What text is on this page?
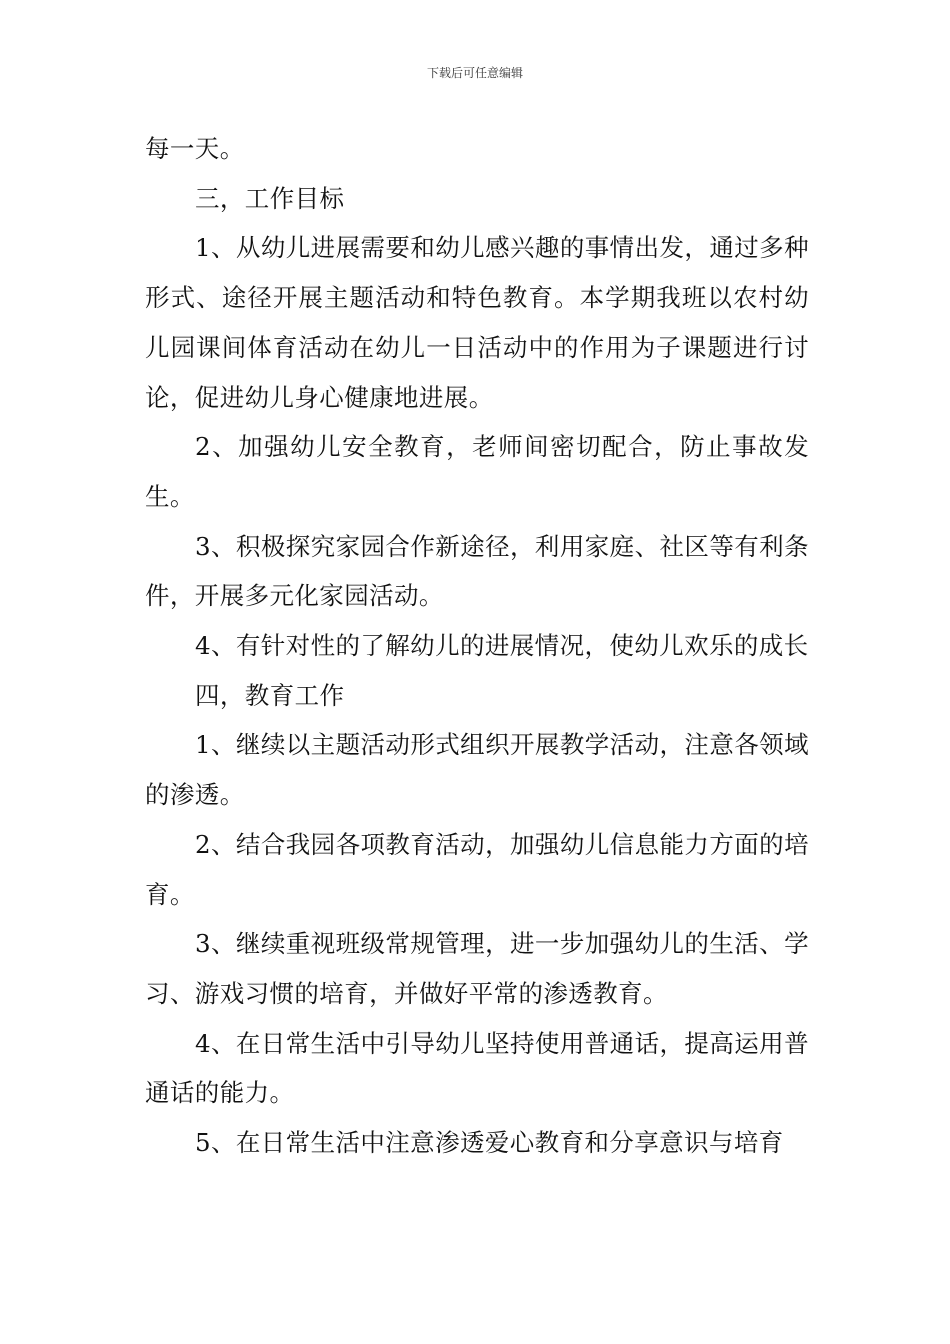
下载后可任意编辑

每一天。

三，工作目标

1、从幼儿进展需要和幼儿感兴趣的事情出发，通过多种形式、途径开展主题活动和特色教育。本学期我班以农村幼儿园课间体育活动在幼儿一日活动中的作用为子课题进行讨论，促进幼儿身心健康地进展。

2、加强幼儿安全教育，老师间密切配合，防止事故发生。

3、积极探究家园合作新途径，利用家庭、社区等有利条件，开展多元化家园活动。

4、有针对性的了解幼儿的进展情况，使幼儿欢乐的成长

四，教育工作

1、继续以主题活动形式组织开展教学活动，注意各领域的渗透。

2、结合我园各项教育活动，加强幼儿信息能力方面的培育。

3、继续重视班级常规管理，进一步加强幼儿的生活、学习、游戏习惯的培育，并做好平常的渗透教育。

4、在日常生活中引导幼儿坚持使用普通话，提高运用普通话的能力。

5、在日常生活中注意渗透爱心教育和分享意识与培育
